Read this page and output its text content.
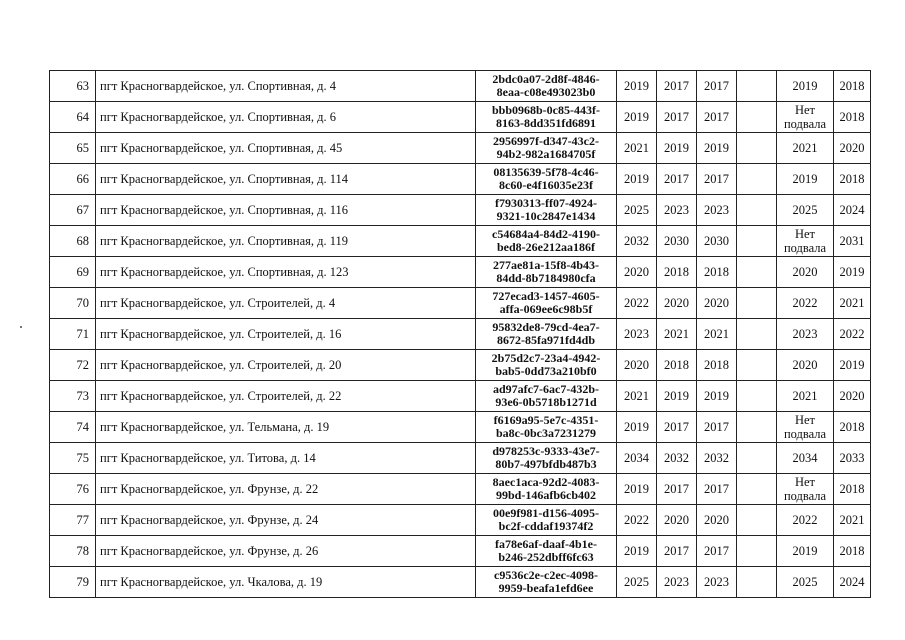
63	пгт Красногвардейское, ул. Спортивная, д. 4	2bdc0a07-2d8f-4846-
8eaa-c08e493023b0	2019	2017	2017		2019	2018
64	пгт Красногвардейское, ул. Спортивная, д. 6	bbb0968b-0c85-443f-
8163-8dd351fd6891	2019	2017	2017		Нет
подвала	2018
65	пгт Красногвардейское, ул. Спортивная, д. 45	2956997f-d347-43c2-
94b2-982a1684705f	2021	2019	2019		2021	2020
66	пгт Красногвардейское, ул. Спортивная, д. 114	08135639-5f78-4c46-
8c60-e4f16035e23f	2019	2017	2017		2019	2018
67	пгт Красногвардейское, ул. Спортивная, д. 116	f7930313-ff07-4924-
9321-10c2847e1434	2025	2023	2023		2025	2024
68	пгт Красногвардейское, ул. Спортивная, д. 119	c54684a4-84d2-4190-
bed8-26e212aa186f	2032	2030	2030		Нет
подвала	2031
69	пгт Красногвардейское, ул. Спортивная, д. 123	277ae81a-15f8-4b43-
84dd-8b7184980cfa	2020	2018	2018		2020	2019
70	пгт Красногвардейское, ул. Строителей, д. 4	727ecad3-1457-4605-
affa-069ee6c98b5f	2022	2020	2020		2022	2021
71	пгт Красногвардейское, ул. Строителей, д. 16	95832de8-79cd-4ea7-
8672-85fa971fd4db	2023	2021	2021		2023	2022
72	пгт Красногвардейское, ул. Строителей, д. 20	2b75d2c7-23a4-4942-
bab5-0dd73a210bf0	2020	2018	2018		2020	2019
73	пгт Красногвардейское, ул. Строителей, д. 22	ad97afc7-6ac7-432b-
93e6-0b5718b1271d	2021	2019	2019		2021	2020
74	пгт Красногвардейское, ул. Тельмана, д. 19	f6169a95-5e7c-4351-
ba8c-0bc3a7231279	2019	2017	2017		Нет
подвала	2018
75	пгт Красногвардейское, ул. Титова, д. 14	d978253c-9333-43e7-
80b7-497bfdb487b3	2034	2032	2032		2034	2033
76	пгт Красногвардейское, ул. Фрунзе, д. 22	8aec1aca-92d2-4083-
99bd-146afb6cb402	2019	2017	2017		Нет
подвала	2018
77	пгт Красногвардейское, ул. Фрунзе, д. 24	00e9f981-d156-4095-
bc2f-cddaf19374f2	2022	2020	2020		2022	2021
78	пгт Красногвардейское, ул. Фрунзе, д. 26	fa78e6af-daaf-4b1e-
b246-252dbff6fc63	2019	2017	2017		2019	2018
79	пгт Красногвардейское, ул. Чкалова, д. 19	c9536c2e-c2ec-4098-
9959-beafa1efd6ee	2025	2023	2023		2025	2024
